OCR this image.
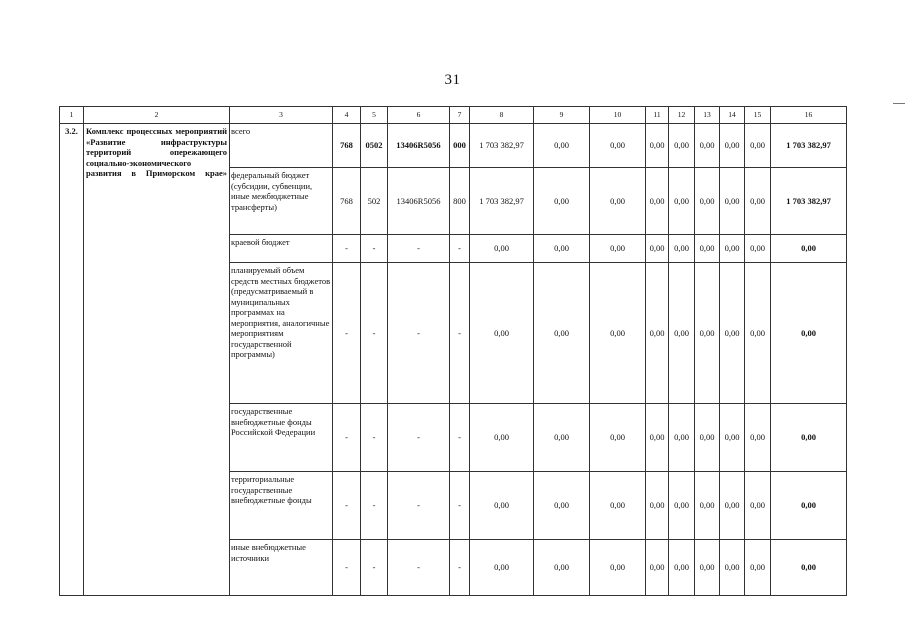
31
1	2	3	4	5	6	7	8	9	10	11	12	13	14	15	16
3.2.	Комплекс процессных мероприятий «Развитие инфраструктуры территорий опережающего социально-экономического развития в Приморском крае»	всего	768	0502	13406R5056	000	1 703 382,97	0,00	0,00	0,00	0,00	0,00	0,00	0,00	1 703 382,97
		федеральный бюджет (субсидии, субвенции, иные межбюджетные трансферты)	768	502	13406R5056	800	1 703 382,97	0,00	0,00	0,00	0,00	0,00	0,00	0,00	1 703 382,97
		краевой бюджет	-	-	-	-	0,00	0,00	0,00	0,00	0,00	0,00	0,00	0,00	0,00
		планируемый объем средств местных бюджетов (предусматриваемый в муниципальных программах на мероприятия, аналогичные мероприятиям государственной программы)	-	-	-	-	0,00	0,00	0,00	0,00	0,00	0,00	0,00	0,00	0,00
		государственные внебюджетные фонды Российской Федерации	-	-	-	-	0,00	0,00	0,00	0,00	0,00	0,00	0,00	0,00	0,00
		территориальные государственные внебюджетные фонды	-	-	-	-	0,00	0,00	0,00	0,00	0,00	0,00	0,00	0,00	0,00
		иные внебюджетные источники	-	-	-	-	0,00	0,00	0,00	0,00	0,00	0,00	0,00	0,00	0,00
